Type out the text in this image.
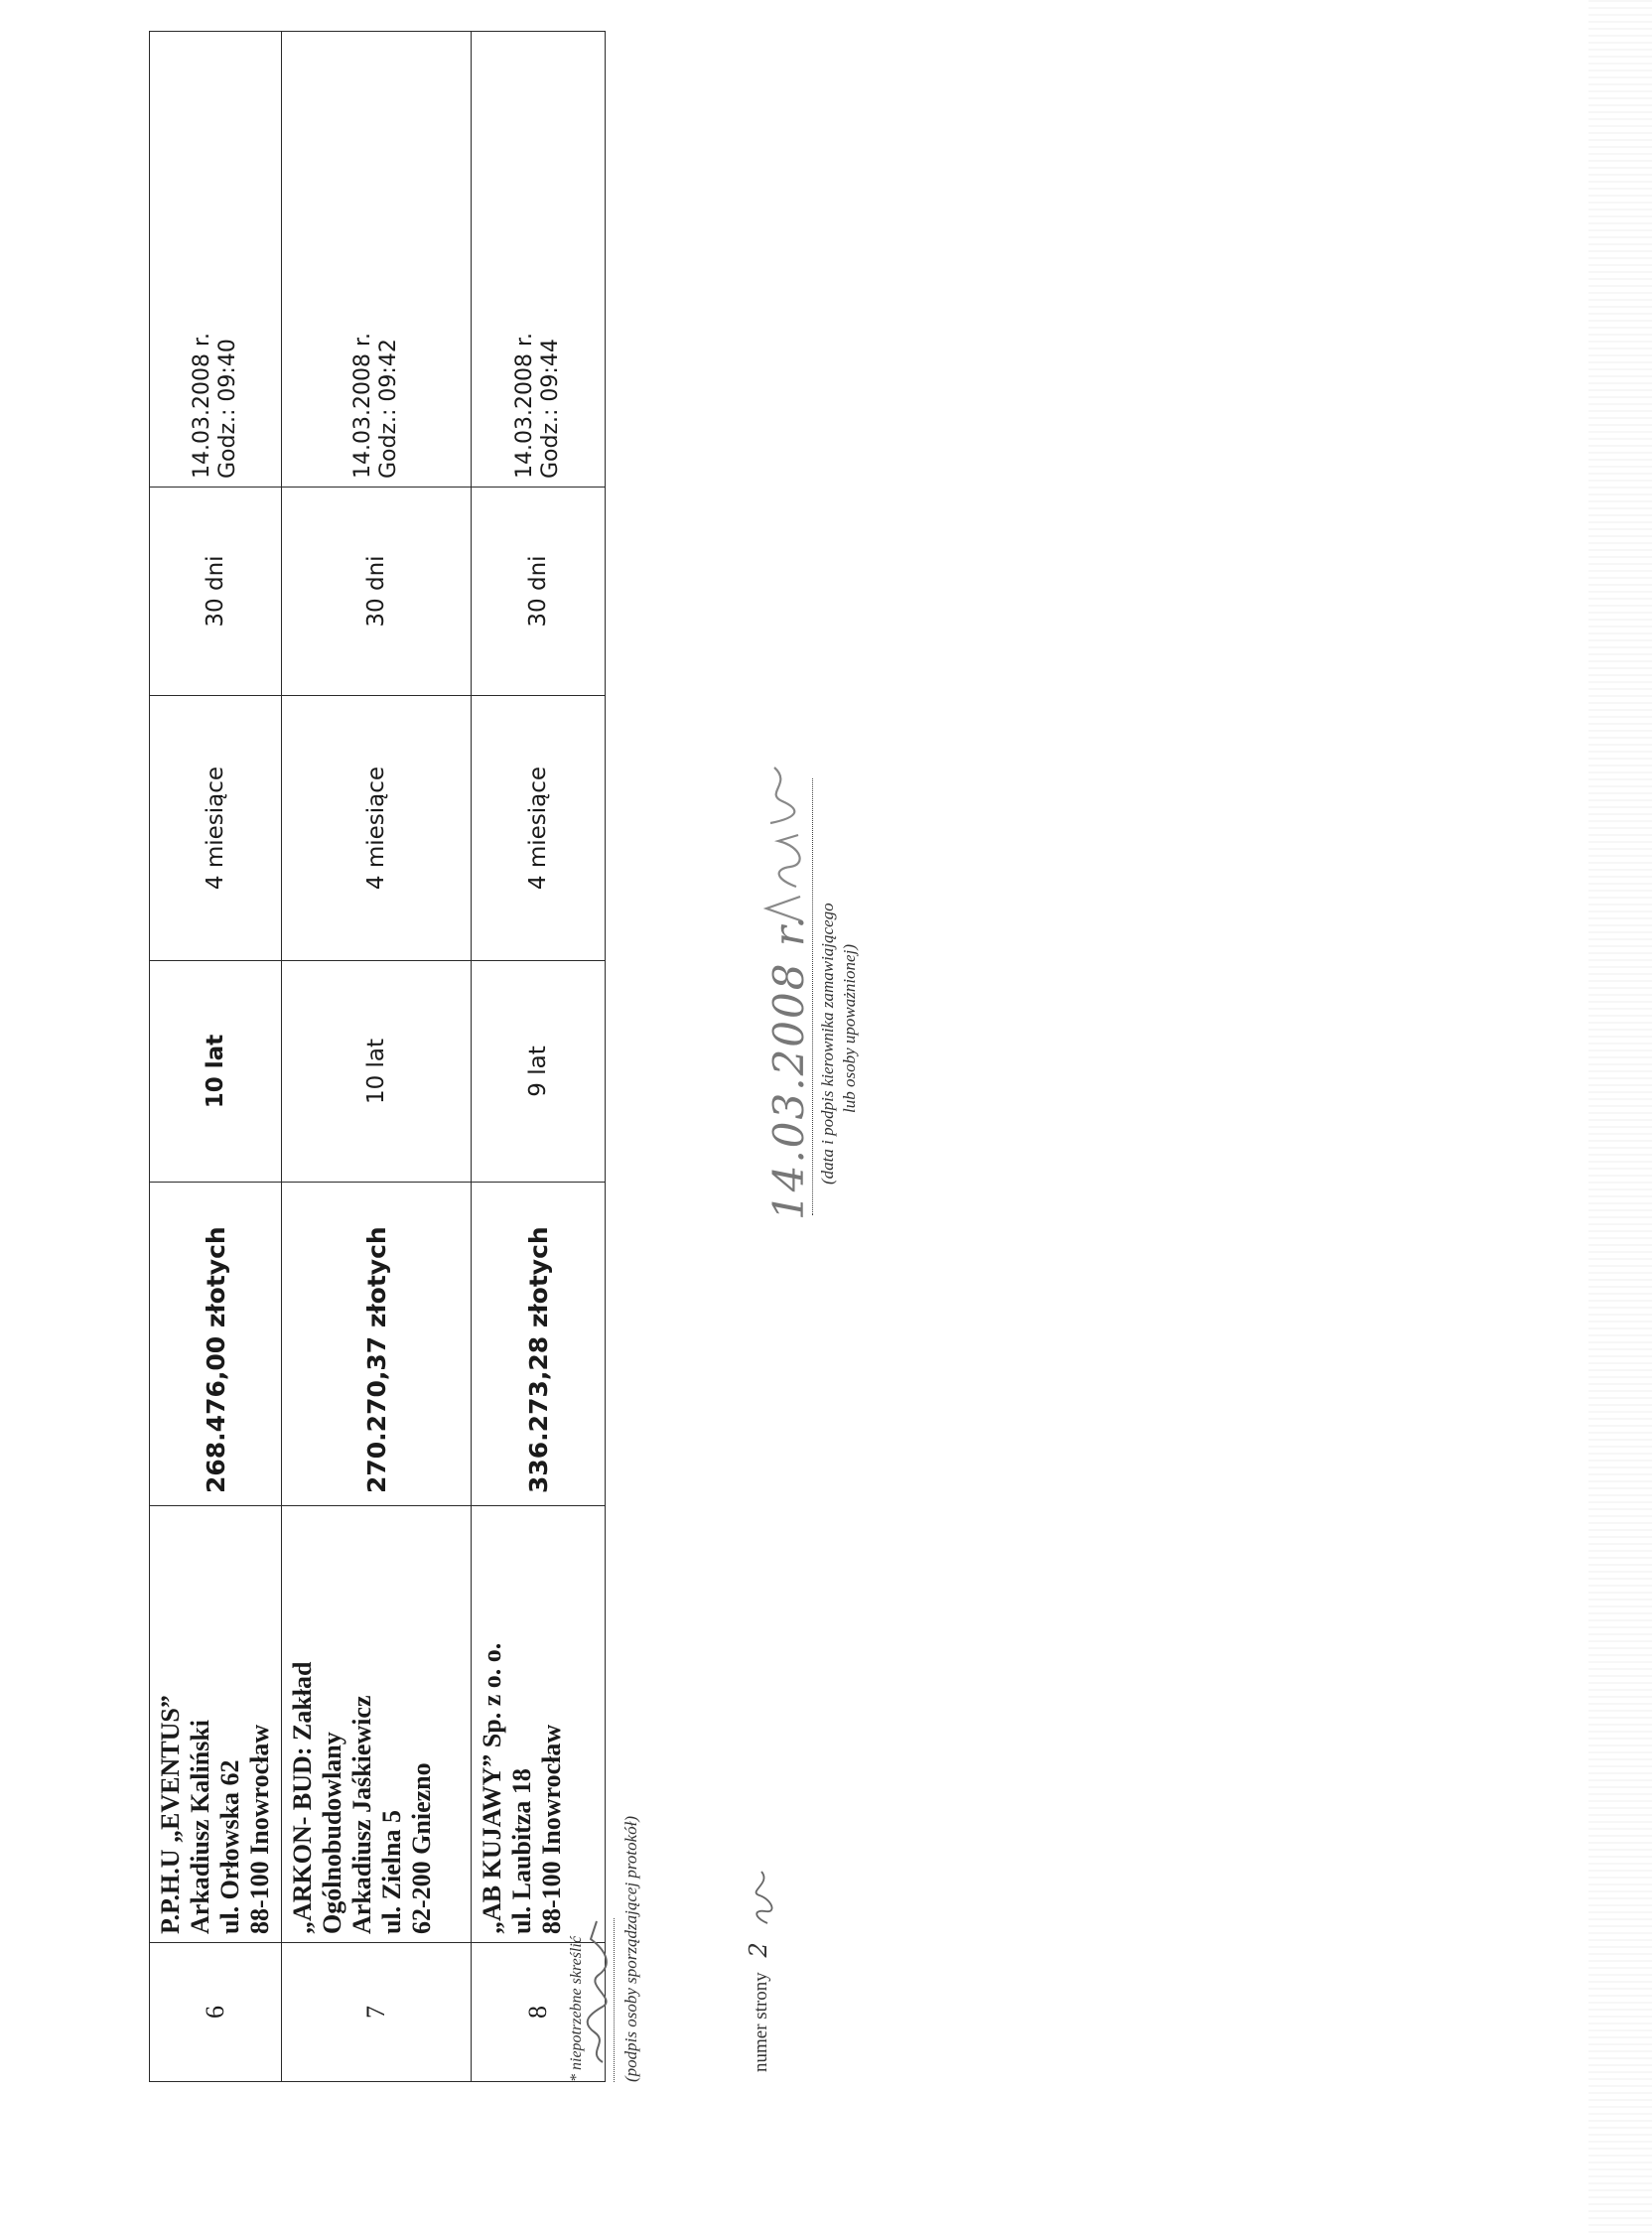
6	P.P.H.U „EVENTUS” Arkadiusz Kaliński ul. Orłowska 62 88-100 Inowrocław	268.476,00 złotych	10 lat	4 miesiące	30 dni	14.03.2008 r. Godz.: 09:40

7	„ARKON- BUD: Zakład Ogólnobudowlany Arkadiusz Jaśkiewicz ul. Zielna 5 62-200 Gniezno	270.270,37 złotych	10 lat	4 miesiące	30 dni	14.03.2008 r. Godz.: 09:42

8	„AB KUJAWY” Sp. z o. o. ul. Laubitza 18 88-100 Inowrocław	336.273,28 złotych	9 lat	4 miesiące	30 dni	14.03.2008 r. Godz.: 09:44
* niepotrzebne skreślić (podpis osoby sporządzającej protokół)	numer strony 2
14.03.2008 r. (data i podpis kierownika zamawiającego lub osoby upoważnionej)
